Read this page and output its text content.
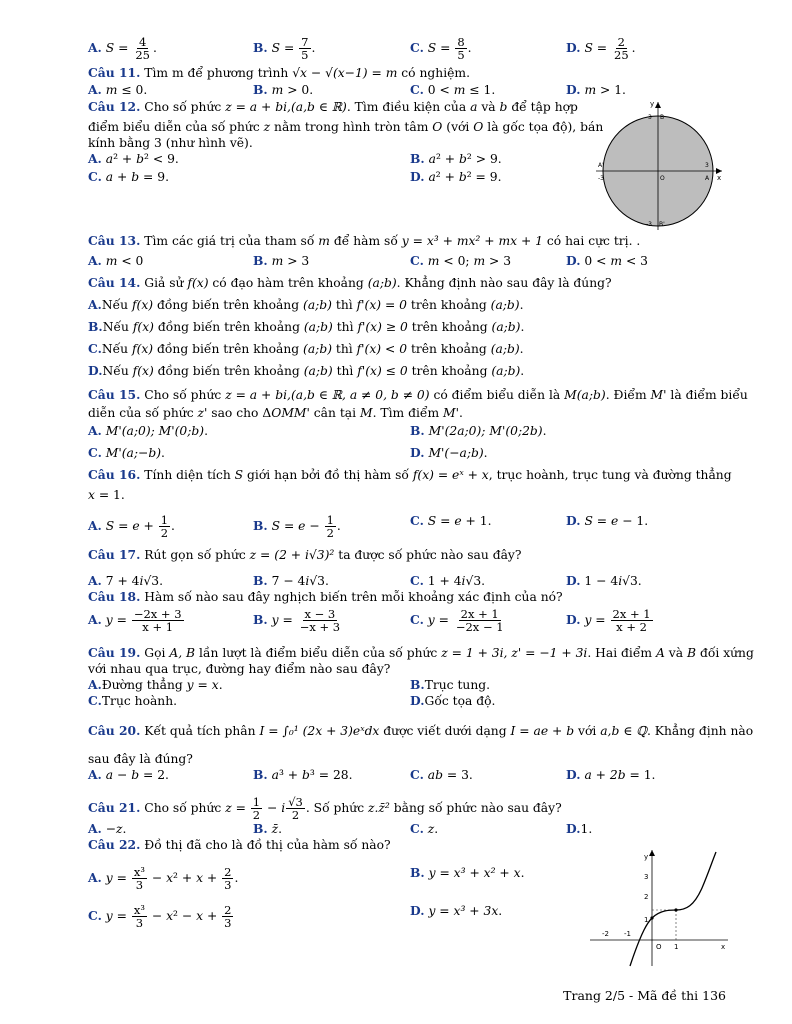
A. $S = \frac{4}{25}$ .	B. $S = \frac{7}{5}$ .	C. $S = \frac{8}{5}$ .	D. $S = \frac{2}{25}$ .
Câu 11. Tìm m để phương trình √x − √(x−1) = m có nghiệm.
A. m ≤ 0.	B. m > 0.	C. 0 < m ≤ 1.	D. m > 1.
Câu 12. Cho số phức z = a + bi,(a,b ∈ ℝ). Tìm điều kiện của a và b để tập hợp
điểm biểu diễn của số phức z nằm trong hình tròn tâm O (với O là gốc tọa độ), bán
kính bằng 3 (như hình vẽ).
A. a² + b² < 9.	B. a² + b² > 9.
C. a + b = 9.	D. a² + b² = 9.
y
3 B
A'
-3	O
3
A x
-3 B'
Câu 13. Tìm các giá trị của tham số m để hàm số y = x³ + mx² + mx + 1 có hai cực trị. .
A. m < 0	B. m > 3	C. m < 0; m > 3	D. 0 < m < 3
Câu 14. Giả sử f(x) có đạo hàm trên khoảng (a;b). Khẳng định nào sau đây là đúng?
A.Nếu f(x) đồng biến trên khoảng (a;b) thì f'(x) = 0 trên khoảng (a;b).
B.Nếu f(x) đồng biến trên khoảng (a;b) thì f'(x) ≥ 0 trên khoảng (a;b).
C.Nếu f(x) đồng biến trên khoảng (a;b) thì f'(x) < 0 trên khoảng (a;b).
D.Nếu f(x) đồng biến trên khoảng (a;b) thì f'(x) ≤ 0 trên khoảng (a;b).
Câu 15. Cho số phức z = a + bi,(a,b ∈ ℝ, a ≠ 0, b ≠ 0) có điểm biểu diễn là M(a;b). Điểm M' là điểm biểu
diễn của số phức z' sao cho ΔOMM' cân tại M. Tìm điểm M'.
A. M'(a;0); M'(0;b).	B. M'(2a;0); M'(0;2b).
C. M'(a;−b).	D. M'(−a;b).
Câu 16. Tính diện tích S giới hạn bởi đồ thị hàm số f(x) = eˣ + x, trục hoành, trục tung và đường thẳng
x = 1.
A. $S = e + \frac{1}{2}$ .	B. $S = e - \frac{1}{2}$ .	C. S = e + 1.	D. S = e − 1.
Câu 17. Rút gọn số phức z = (2 + i√3)² ta được số phức nào sau đây?
A. 7 + 4i√3.	B. 7 − 4i√3.	C. 1 + 4i√3.	D. 1 − 4i√3.
Câu 18. Hàm số nào sau đây nghịch biến trên mỗi khoảng xác định của nó?
A. $y = \frac{-2x + 3}{x + 1}$	B. $y = \frac{x - 3}{-x + 3}$	C. $y = \frac{2x + 1}{-2x - 1}$	D. $y = \frac{2x + 1}{x + 2}$
Câu 19. Gọi A, B lần lượt là điểm biểu diễn của số phức z = 1 + 3i, z' = −1 + 3i. Hai điểm A và B đối xứng
với nhau qua trục, đường hay điểm nào sau đây?
A.Đường thẳng y = x.	B.Trục tung.
C.Trục hoành.	D.Gốc tọa độ.
Câu 20. Kết quả tích phân I = ∫₀¹ (2x + 3)eˣdx được viết dưới dạng I = ae + b với a,b ∈ ℚ. Khẳng định nào
sau đây là đúng?
A. a − b = 2.	B. a³ + b³ = 28.	C. ab = 3.	D. a + 2b = 1.
Câu 21. Cho số phức $z = \frac{1}{2} - i \frac{√3}{2}$ . Số phức z.z̄² bằng số phức nào sau đây?
A. −z.	B. z̄.	C. z.	D.1.
Câu 22. Đồ thị đã cho là đồ thị của hàm số nào?
A. $y = \frac{\text{x³}}{3} - x^2 + x + \frac{2}{3}$ .	B. y = x³ + x² + x.
C. $y = \frac{\text{x³}}{3} - x^2 - x + \frac{2}{3}$	D. y = x³ + 3x.
y
3
2
1
-2 -1
O 1	x
Trang 2/5 - Mã đề thi 136
